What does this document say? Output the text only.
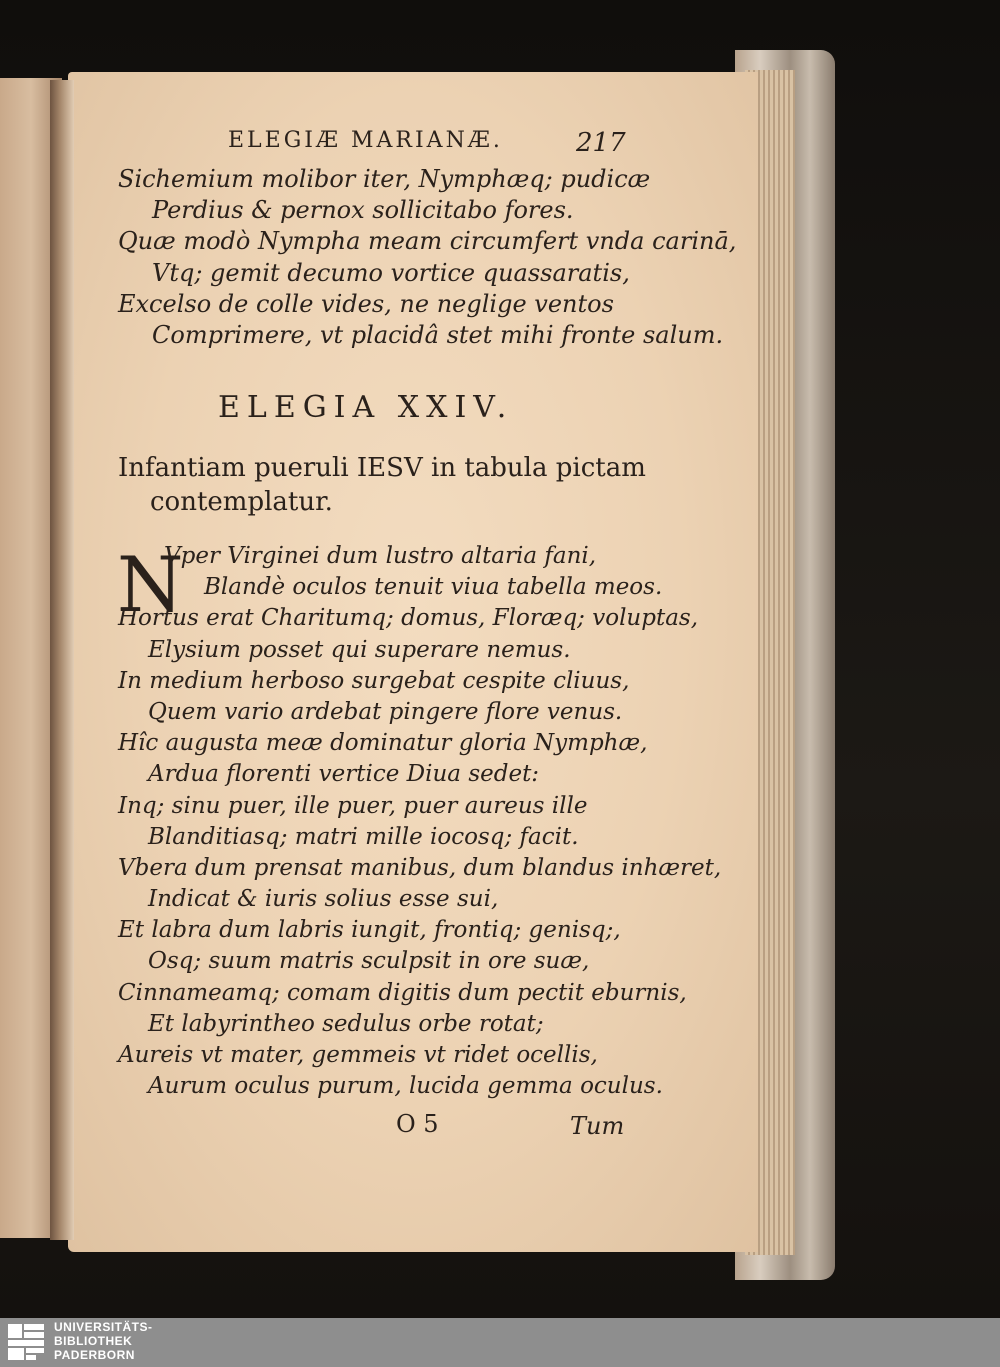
ELEGIÆ MARIANÆ.	217
Sichemium molibor iter, Nymphæq; pudicæ
Perdius & pernox sollicitabo fores.
Quæ modò Nympha meam circumfert vnda carinā,
Vtq; gemit decumo vortice quassaratis,
Excelso de colle vides, ne neglige ventos
Comprimere, vt placidâ stet mihi fronte salum.
ELEGIA XXIV.
Infantiam pueruli IESV in tabula pictam
contemplatur.
N
Vper Virginei dum lustro altaria fani,
Blandè oculos tenuit viua tabella meos.
Hortus erat Charitumq; domus, Floræq; voluptas,
Elysium posset qui superare nemus.
In medium herboso surgebat cespite cliuus,
Quem vario ardebat pingere flore venus.
Hîc augusta meæ dominatur gloria Nymphæ,
Ardua florenti vertice Diua sedet:
Inq; sinu puer, ille puer, puer aureus ille
Blanditiasq; matri mille iocosq; facit.
Vbera dum prensat manibus, dum blandus inhæret,
Indicat & iuris solius esse sui,
Et labra dum labris iungit, frontiq; genisq;,
Osq; suum matris sculpsit in ore suæ,
Cinnameamq; comam digitis dum pectit eburnis,
Et labyrintheo sedulus orbe rotat;
Aureis vt mater, gemmeis vt ridet ocellis,
Aurum oculus purum, lucida gemma oculus.
O 5	Tum
UNIVERSITÄTS-
BIBLIOTHEK
PADERBORN
